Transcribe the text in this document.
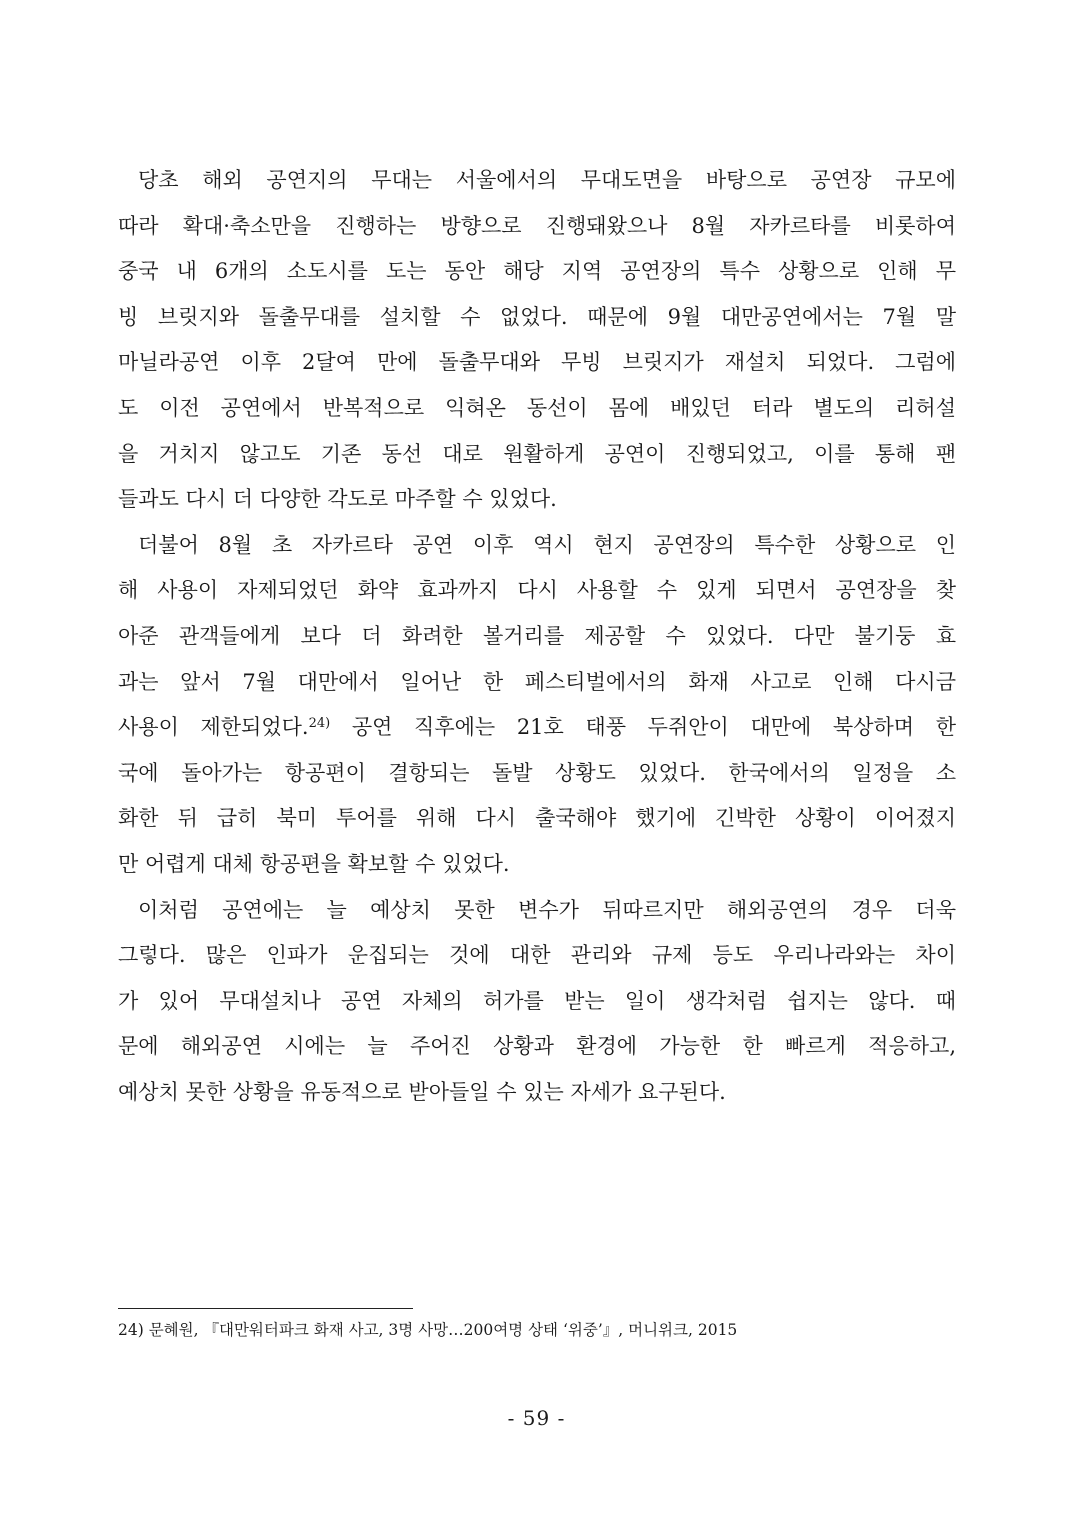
당초 해외 공연지의 무대는 서울에서의 무대도면을 바탕으로 공연장 규모에
따라 확대·축소만을 진행하는 방향으로 진행돼왔으나 8월 자카르타를 비롯하여
중국 내 6개의 소도시를 도는 동안 해당 지역 공연장의 특수 상황으로 인해 무
빙 브릿지와 돌출무대를 설치할 수 없었다. 때문에 9월 대만공연에서는 7월 말
마닐라공연 이후 2달여 만에 돌출무대와 무빙 브릿지가 재설치 되었다. 그럼에
도 이전 공연에서 반복적으로 익혀온 동선이 몸에 배있던 터라 별도의 리허설
을 거치지 않고도 기존 동선 대로 원활하게 공연이 진행되었고, 이를 통해 팬
들과도 다시 더 다양한 각도로 마주할 수 있었다.
더불어 8월 초 자카르타 공연 이후 역시 현지 공연장의 특수한 상황으로 인
해 사용이 자제되었던 화약 효과까지 다시 사용할 수 있게 되면서 공연장을 찾
아준 관객들에게 보다 더 화려한 볼거리를 제공할 수 있었다. 다만 불기둥 효
과는 앞서 7월 대만에서 일어난 한 페스티벌에서의 화재 사고로 인해 다시금
사용이 제한되었다.$^{24)}$ 공연 직후에는 21호 태풍 두쥐안이 대만에 북상하며 한
국에 돌아가는 항공편이 결항되는 돌발 상황도 있었다. 한국에서의 일정을 소
화한 뒤 급히 북미 투어를 위해 다시 출국해야 했기에 긴박한 상황이 이어졌지
만 어렵게 대체 항공편을 확보할 수 있었다.
이처럼 공연에는 늘 예상치 못한 변수가 뒤따르지만 해외공연의 경우 더욱
그렇다. 많은 인파가 운집되는 것에 대한 관리와 규제 등도 우리나라와는 차이
가 있어 무대설치나 공연 자체의 허가를 받는 일이 생각처럼 쉽지는 않다. 때
문에 해외공연 시에는 늘 주어진 상황과 환경에 가능한 한 빠르게 적응하고,
예상치 못한 상황을 유동적으로 받아들일 수 있는 자세가 요구된다.
24) 문혜원, 『대만워터파크 화재 사고, 3명 사망…200여명 상태 ‘위중’』, 머니위크, 2015
- 59 -
